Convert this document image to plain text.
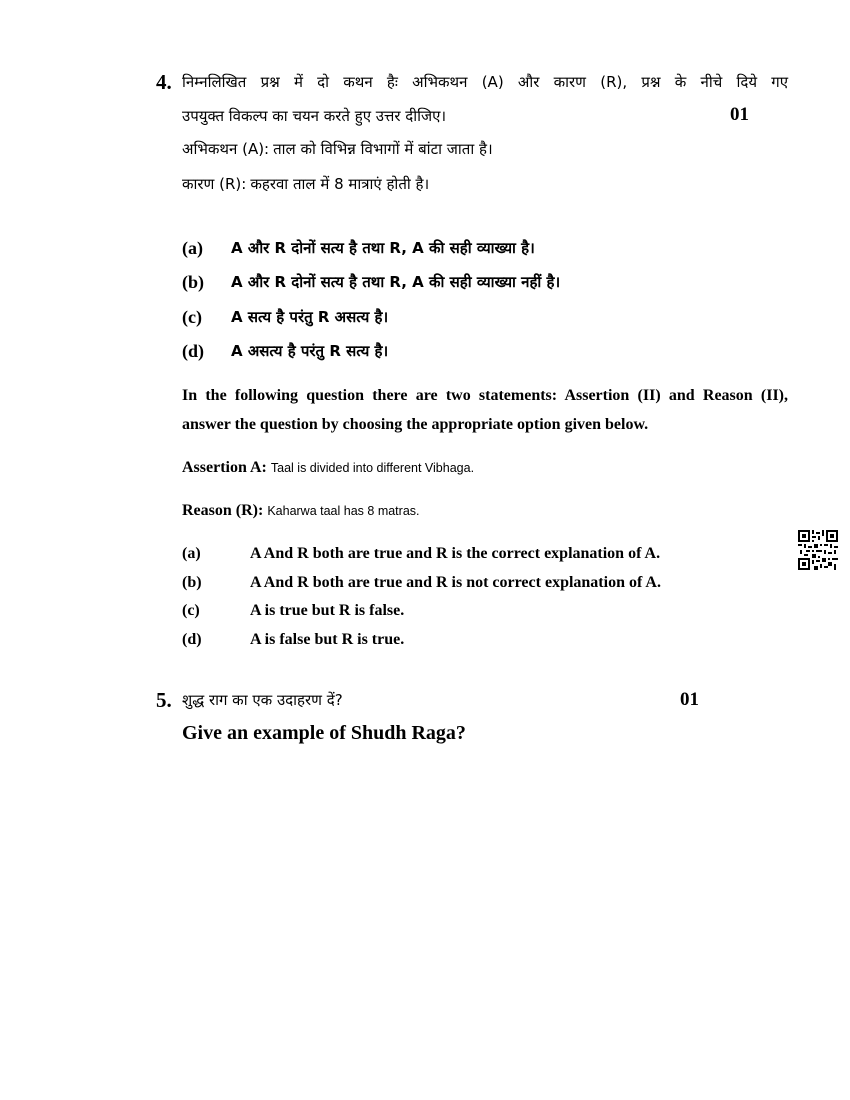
4. निम्नलिखित प्रश्न में दो कथन हैः अभिकथन (A) और कारण (R), प्रश्न के नीचे दिये गए
उपयुक्त विकल्प का चयन करते हुए उत्तर दीजिए।	01
अभिकथन (A): ताल को विभिन्न विभागों में बांटा जाता है।
कारण (R): कहरवा ताल में 8 मात्राएं होती है।
(a) A और R दोनों सत्य है तथा R, A की सही व्याख्या है।
(b) A और R दोनों सत्य है तथा R, A की सही व्याख्या नहीं है।
(c) A सत्य है परंतु R असत्य है।
(d) A असत्य है परंतु R सत्य है।
In the following question there are two statements: Assertion (II) and Reason (II),
answer the question by choosing the appropriate option given below.
Assertion A: Taal is divided into different Vibhaga.
Reason (R): Kaharwa taal has 8 matras.
(a)	A And R both are true and R is the correct explanation of A.
(b)	A And R both are true and R is not correct explanation of A.
(c)	A is true but R is false.
(d)	A is false but R is true.
5. शुद्ध राग का एक उदाहरण दें?	01
Give an example of Shudh Raga?
